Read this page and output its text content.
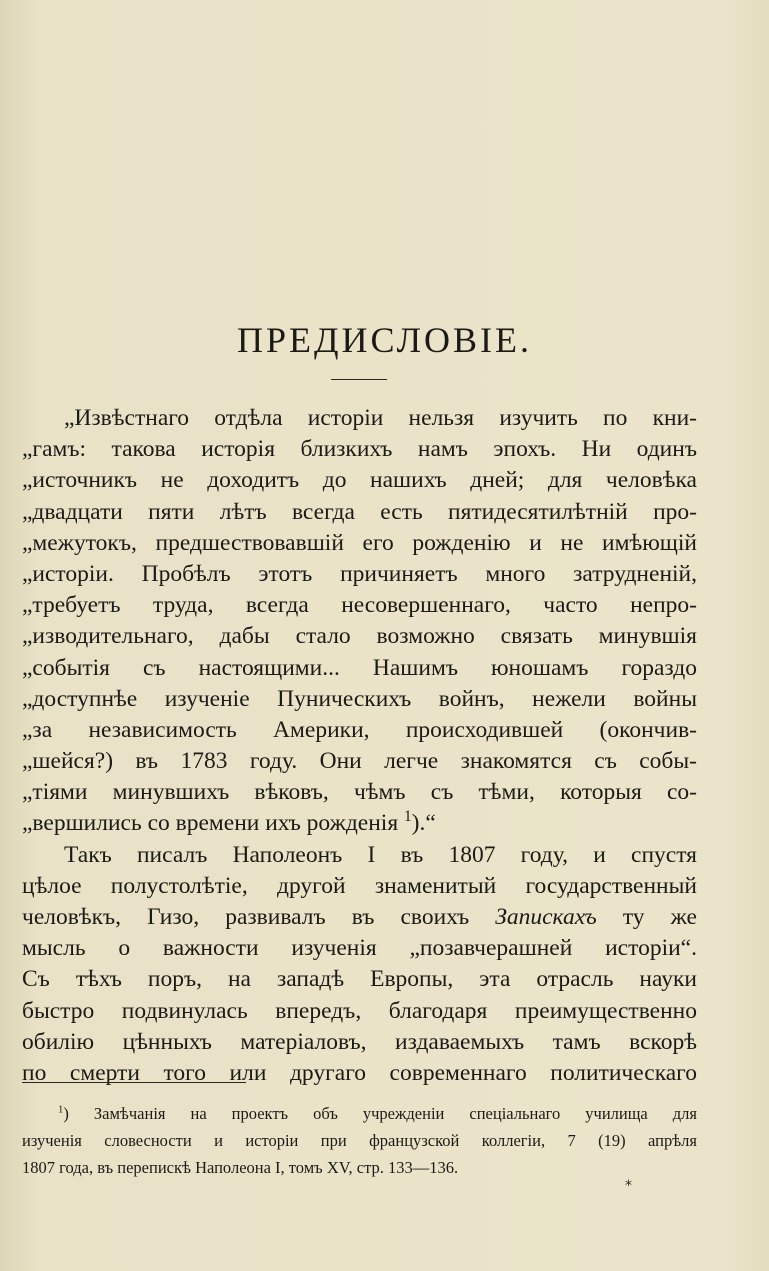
ПРЕДИСЛОВІЕ.
„Извѣстнаго отдѣла исторіи нельзя изучить по кни-
„гамъ: такова исторія близкихъ намъ эпохъ. Ни одинъ
„источникъ не доходитъ до нашихъ дней; для человѣка
„двадцати пяти лѣтъ всегда есть пятидесятилѣтній про-
„межутокъ, предшествовавшій его рожденію и не имѣющій
„исторіи. Пробѣлъ этотъ причиняетъ много затрудненій,
„требуетъ труда, всегда несовершеннаго, часто непро-
„изводительнаго, дабы стало возможно связать минувшія
„событія съ настоящими... Нашимъ юношамъ гораздо
„доступнѣе изученіе Пуническихъ войнъ, нежели войны
„за независимость Америки, происходившей (окончив-
„шейся?) въ 1783 году. Они легче знакомятся съ собы-
„тіями минувшихъ вѣковъ, чѣмъ съ тѣми, которыя со-
„вершились со времени ихъ рожденія $^1$).“
Такъ писалъ Наполеонъ I въ 1807 году, и спустя
цѣлое полустолѣтіе, другой знаменитый государственный
человѣкъ, Гизо, развивалъ въ своихъ Запискахъ ту же
мысль о важности изученія „позавчерашней исторіи“.
Съ тѣхъ поръ, на западѣ Европы, эта отрасль науки
быстро подвинулась впередъ, благодаря преимущественно
обилію цѣнныхъ матеріаловъ, издаваемыхъ тамъ вскорѣ
по смерти того или другаго современнаго политическаго
$^1$) Замѣчанія на проектъ объ учрежденіи спеціальнаго училища для
изученія словесности и исторіи при французской коллегіи, 7 (19) апрѣля
1807 года, въ перепискѣ Наполеона I, томъ XV, стр. 133—136.
*
